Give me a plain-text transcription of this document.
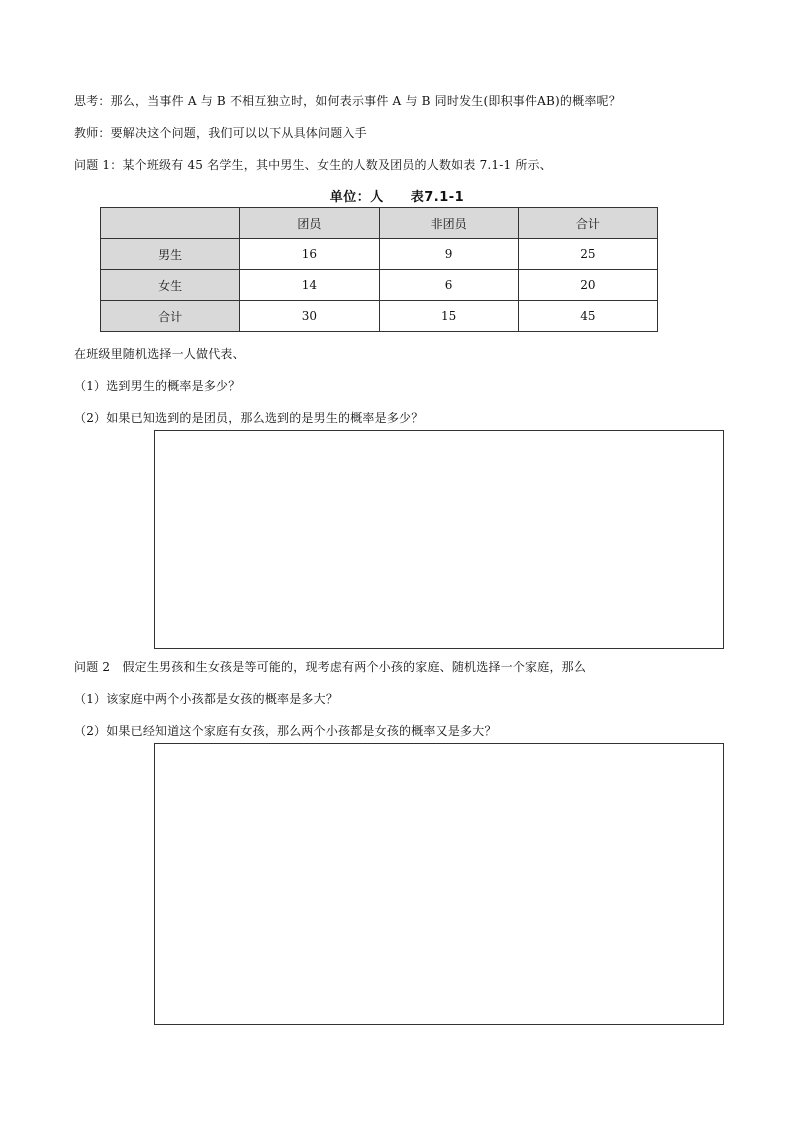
思考：那么，当事件 A 与 B 不相互独立时，如何表示事件 A 与 B 同时发生(即积事件AB)的概率呢？
教师：要解决这个问题，我们可以以下从具体问题入手
问题 1：某个班级有 45 名学生，其中男生、女生的人数及团员的人数如表 7.1-1 所示、
单位：人　　表7.1-1
	团员	非团员	合计
男生	16	9	25
女生	14	6	20
合计	30	15	45
在班级里随机选择一人做代表、
（1）选到男生的概率是多少？
（2）如果已知选到的是团员，那么选到的是男生的概率是多少？
问题 2　假定生男孩和生女孩是等可能的，现考虑有两个小孩的家庭、随机选择一个家庭，那么
（1）该家庭中两个小孩都是女孩的概率是多大？
（2）如果已经知道这个家庭有女孩，那么两个小孩都是女孩的概率又是多大？
